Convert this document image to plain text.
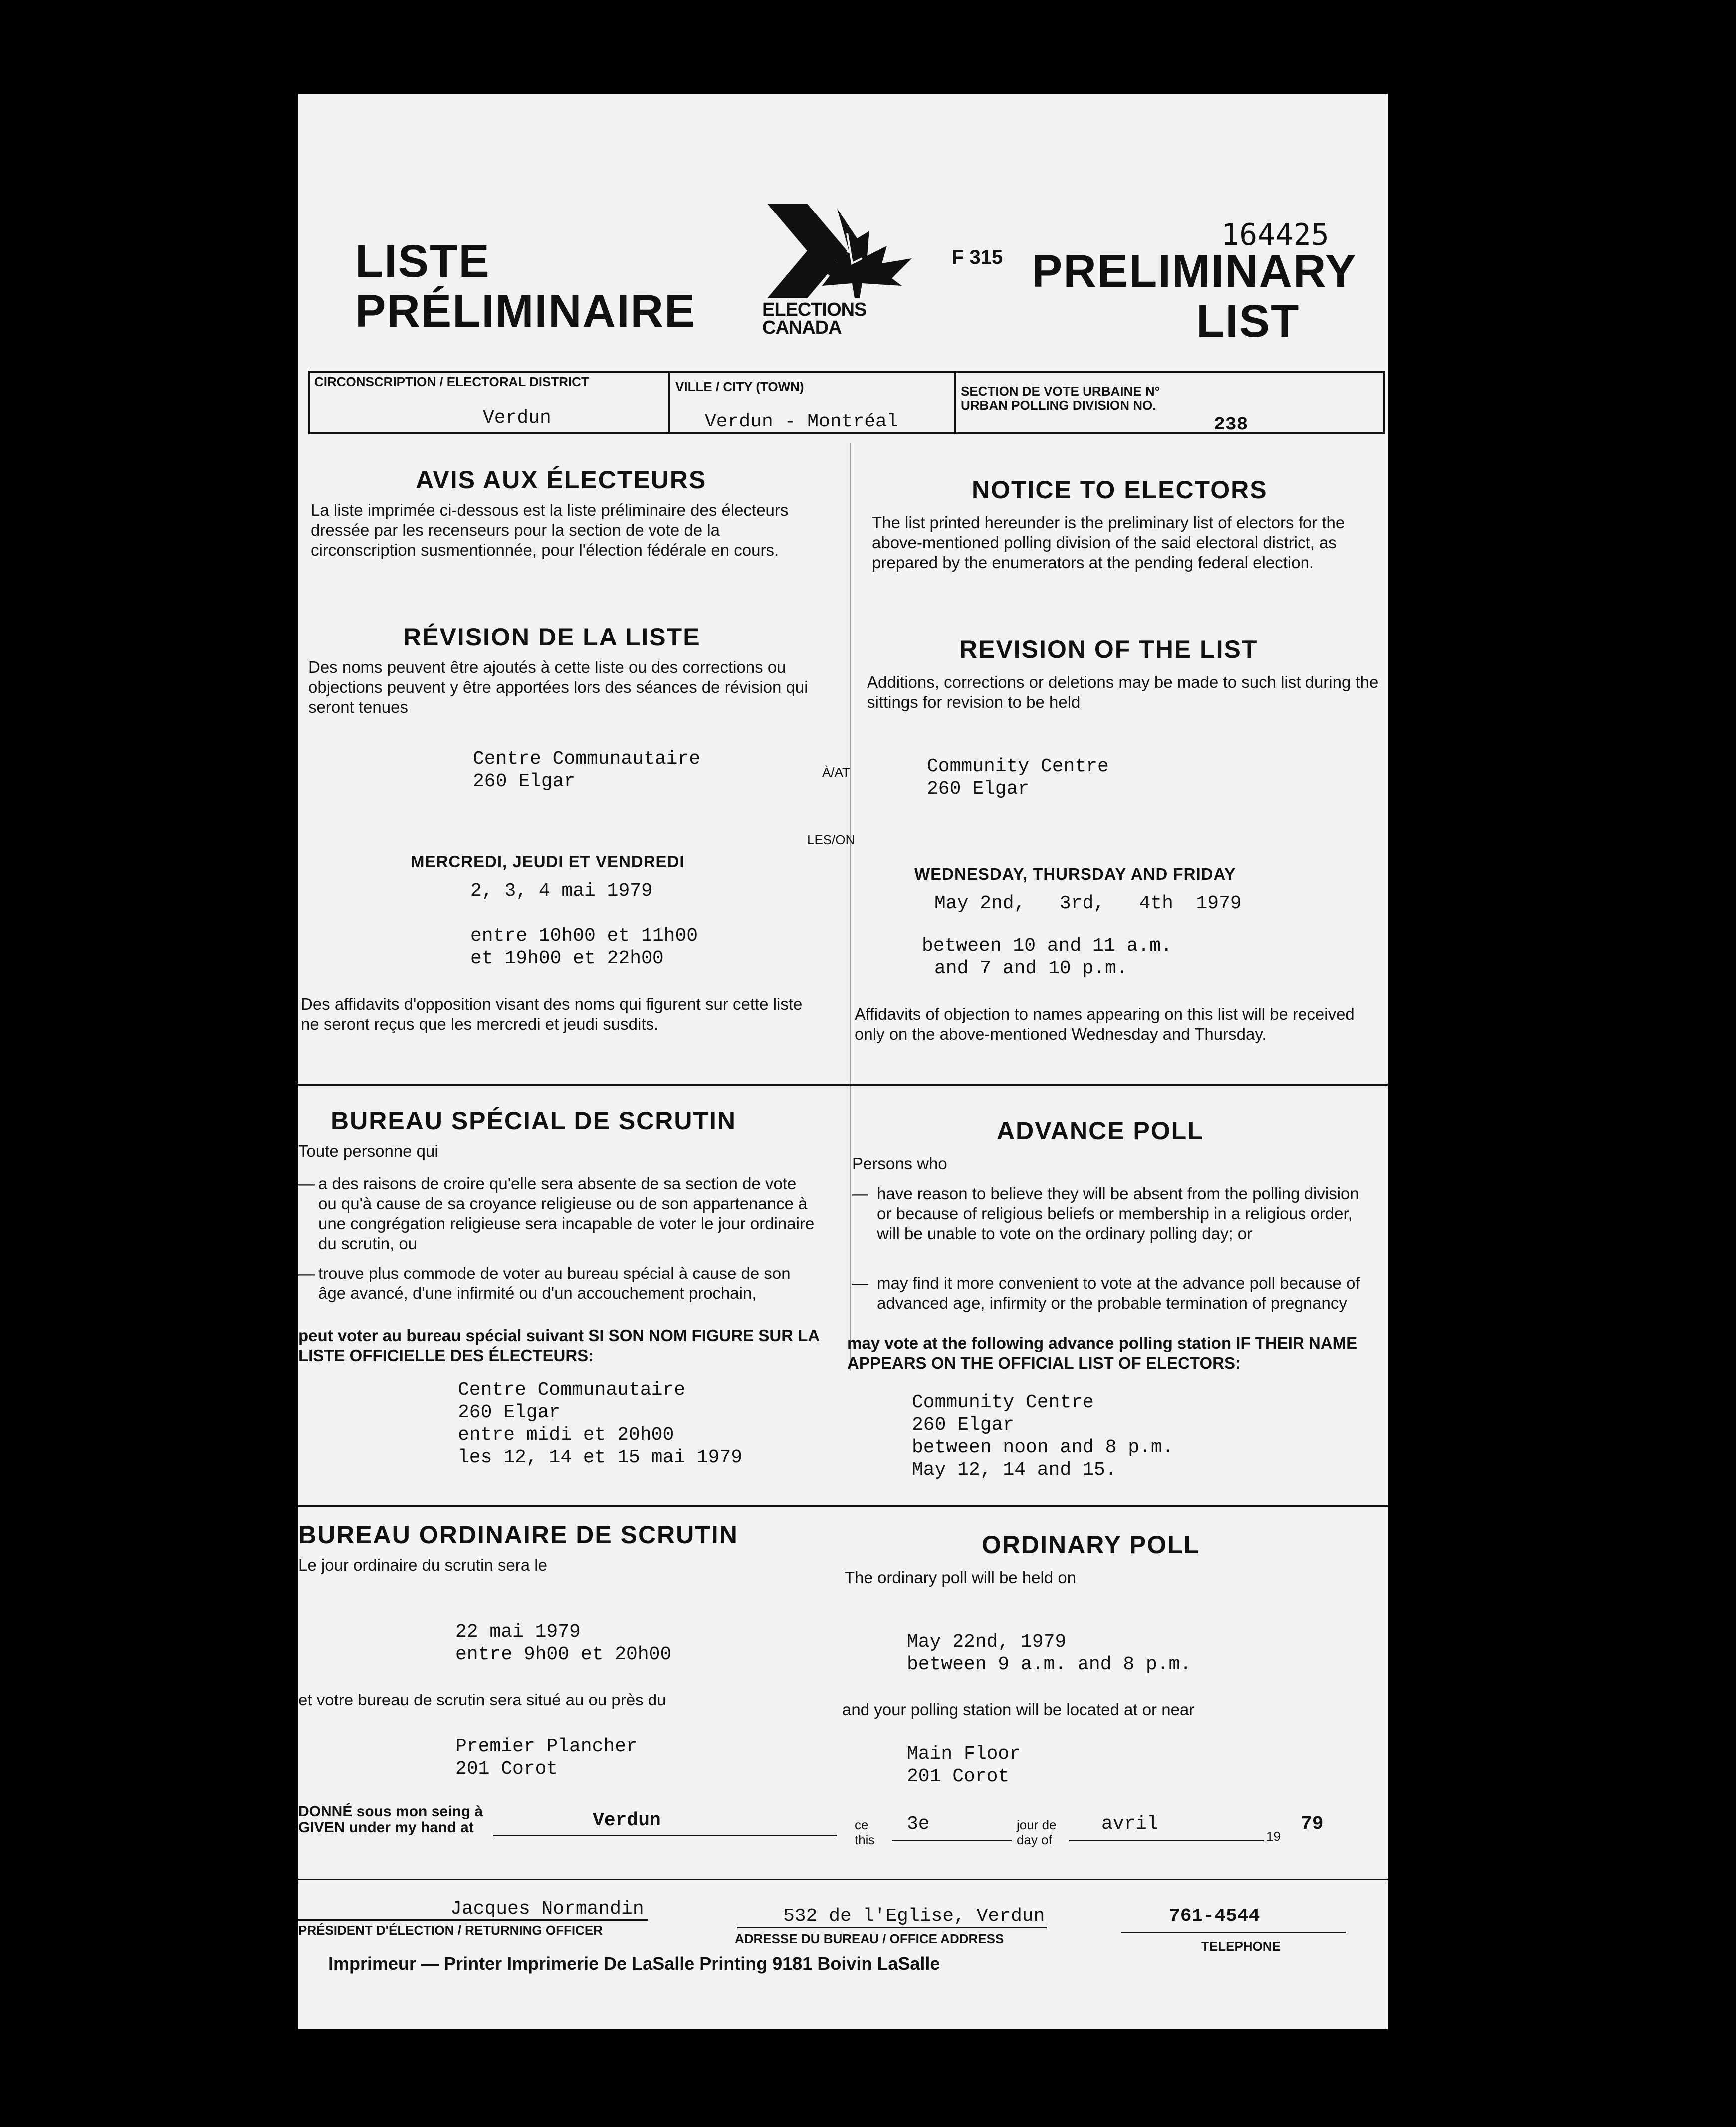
LISTE
PRÉLIMINAIRE	ELECTIONS
CANADA
F 315
164425
PRELIMINARY
LIST
CIRCONSCRIPTION / ELECTORAL DISTRICT
Verdun
VILLE / CITY (TOWN)
Verdun - Montréal
SECTION DE VOTE URBAINE N°
URBAN POLLING DIVISION NO.
238
AVIS AUX ÉLECTEURS
La liste imprimée ci-dessous est la liste préliminaire des électeurs dressée par les recenseurs pour la section de vote de la circonscription susmentionnée, pour l'élection fédérale en cours.
NOTICE TO ELECTORS
The list printed hereunder is the preliminary list of electors for the above-mentioned polling division of the said electoral district, as prepared by the enumerators at the pending federal election.
RÉVISION DE LA LISTE
Des noms peuvent être ajoutés à cette liste ou des corrections ou objections peuvent y être apportées lors des séances de révision qui seront tenues
REVISION OF THE LIST
Additions, corrections or deletions may be made to such list during the sittings for revision to be held
Centre Communautaire
260 Elgar	À/AT	Community Centre
260 Elgar
LES/ON
MERCREDI, JEUDI ET VENDREDI
2, 3, 4 mai 1979
WEDNESDAY, THURSDAY AND FRIDAY
May 2nd,   3rd,   4th  1979
entre 10h00 et 11h00
et 19h00 et 22h00
between 10 and 11 a.m.
and 7 and 10 p.m.
Des affidavits d'opposition visant des noms qui figurent sur cette liste ne seront reçus que les mercredi et jeudi susdits.
Affidavits of objection to names appearing on this list will be received only on the above-mentioned Wednesday and Thursday.
BUREAU SPÉCIAL DE SCRUTIN
Toute personne qui
— a des raisons de croire qu'elle sera absente de sa section de vote ou qu'à cause de sa croyance religieuse ou de son appartenance à une congrégation religieuse sera incapable de voter le jour ordinaire du scrutin, ou
— trouve plus commode de voter au bureau spécial à cause de son âge avancé, d'une infirmité ou d'un accouchement prochain,
peut voter au bureau spécial suivant SI SON NOM FIGURE SUR LA LISTE OFFICIELLE DES ÉLECTEURS:
Centre Communautaire
260 Elgar
entre midi et 20h00
les 12, 14 et 15 mai 1979
ADVANCE POLL
Persons who
— have reason to believe they will be absent from the polling division or because of religious beliefs or membership in a religious order, will be unable to vote on the ordinary polling day; or
— may find it more convenient to vote at the advance poll because of advanced age, infirmity or the probable termination of pregnancy
may vote at the following advance polling station IF THEIR NAME APPEARS ON THE OFFICIAL LIST OF ELECTORS:
Community Centre
260 Elgar
between noon and 8 p.m.
May 12, 14 and 15.
BUREAU ORDINAIRE DE SCRUTIN
Le jour ordinaire du scrutin sera le
22 mai 1979
entre 9h00 et 20h00
et votre bureau de scrutin sera situé au ou près du
Premier Plancher
201 Corot
ORDINARY POLL
The ordinary poll will be held on
May 22nd, 1979
between 9 a.m. and 8 p.m.
and your polling station will be located at or near
Main Floor
201 Corot
DONNÉ sous mon seing à
GIVEN under my hand at	Verdun	ce
this
3e	jour de
day of
avril
19
79
Jacques Normandin
PRÉSIDENT D'ÉLECTION / RETURNING OFFICER
532 de l'Eglise, Verdun
ADRESSE DU BUREAU / OFFICE ADDRESS
761-4544
TELEPHONE
Imprimeur — Printer Imprimerie De LaSalle Printing 9181 Boivin LaSalle
